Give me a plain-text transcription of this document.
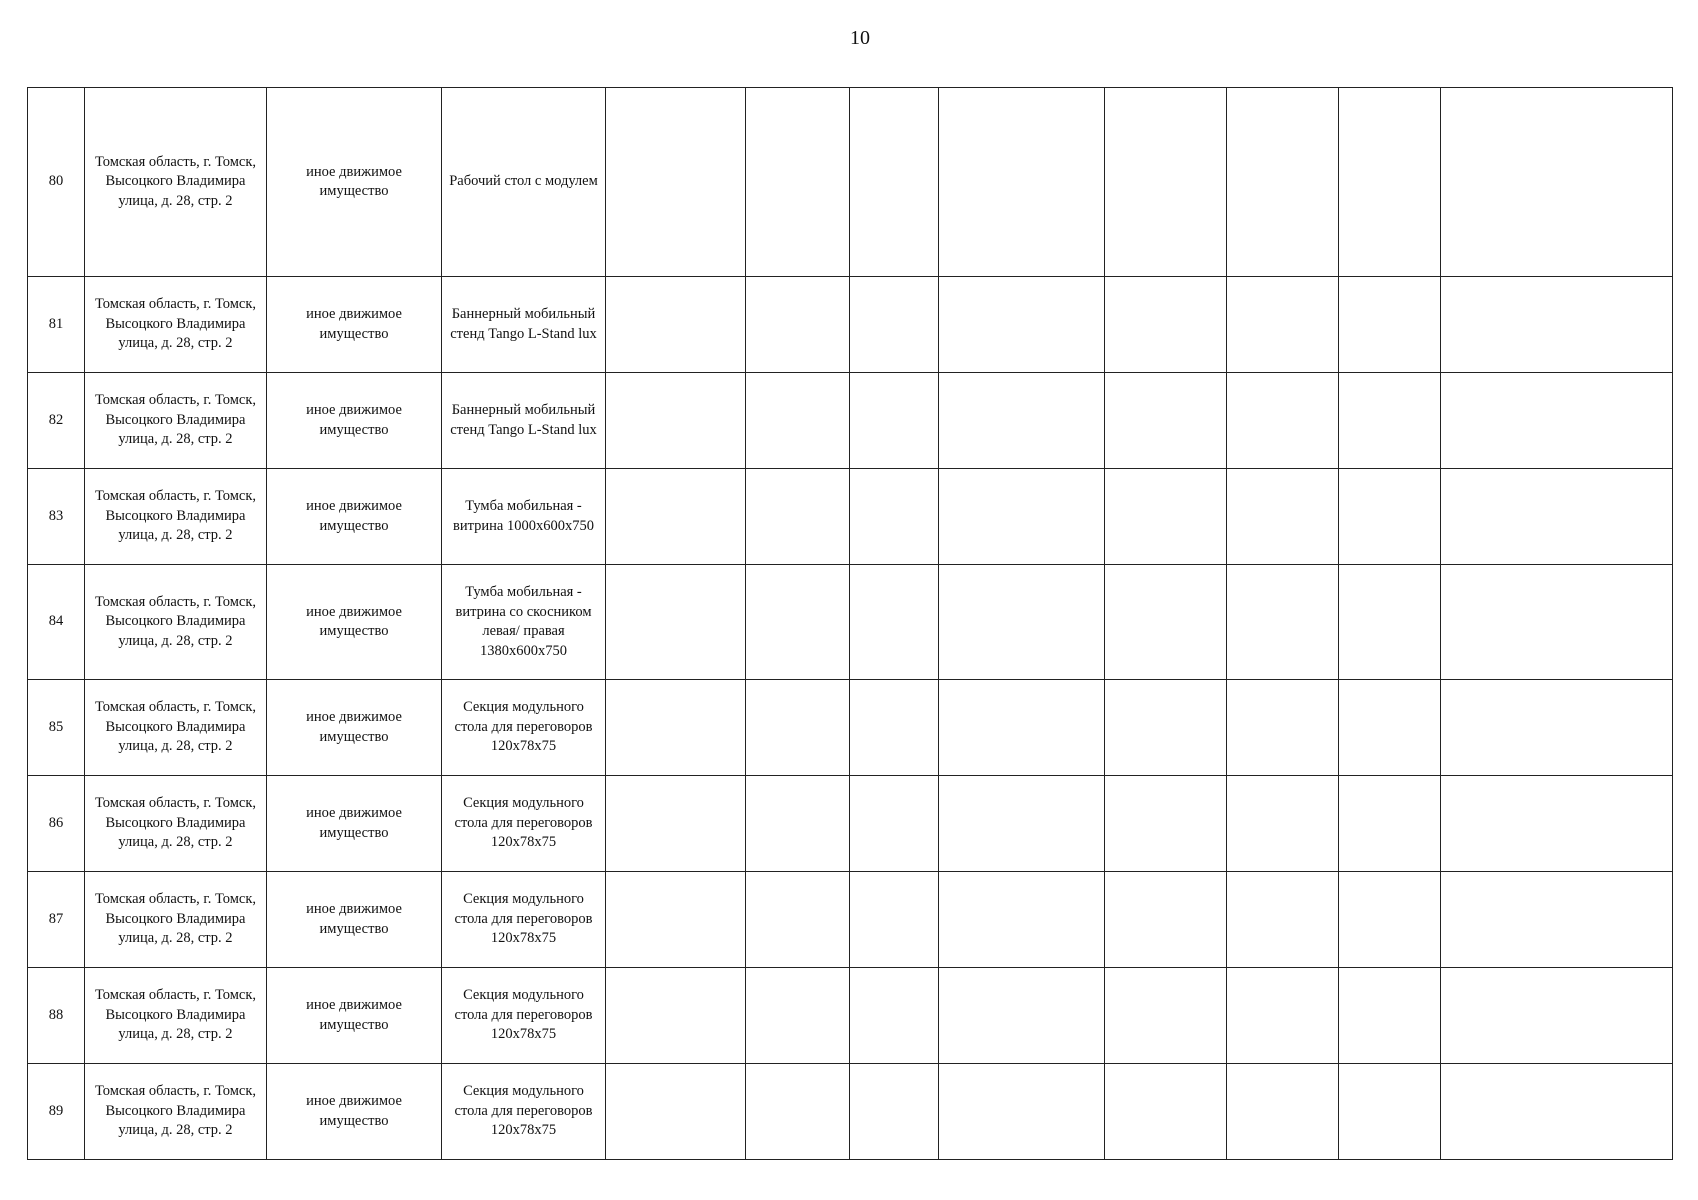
10
80	Томская область, г. Томск, Высоцкого Владимира улица, д. 28, стр. 2	иное движимое имущество	Рабочий стол с модулем								
81	Томская область, г. Томск, Высоцкого Владимира улица, д. 28, стр. 2	иное движимое имущество	Баннерный мобильный стенд Tango L-Stand lux								
82	Томская область, г. Томск, Высоцкого Владимира улица, д. 28, стр. 2	иное движимое имущество	Баннерный мобильный стенд Tango L-Stand lux								
83	Томская область, г. Томск, Высоцкого Владимира улица, д. 28, стр. 2	иное движимое имущество	Тумба мобильная - витрина 1000х600х750								
84	Томская область, г. Томск, Высоцкого Владимира улица, д. 28, стр. 2	иное движимое имущество	Тумба мобильная - витрина со скосником левая/ правая 1380х600х750								
85	Томская область, г. Томск, Высоцкого Владимира улица, д. 28, стр. 2	иное движимое имущество	Секция модульного стола для переговоров 120х78х75								
86	Томская область, г. Томск, Высоцкого Владимира улица, д. 28, стр. 2	иное движимое имущество	Секция модульного стола для переговоров 120х78х75								
87	Томская область, г. Томск, Высоцкого Владимира улица, д. 28, стр. 2	иное движимое имущество	Секция модульного стола для переговоров 120х78х75								
88	Томская область, г. Томск, Высоцкого Владимира улица, д. 28, стр. 2	иное движимое имущество	Секция модульного стола для переговоров 120х78х75								
89	Томская область, г. Томск, Высоцкого Владимира улица, д. 28, стр. 2	иное движимое имущество	Секция модульного стола для переговоров 120х78х75								
